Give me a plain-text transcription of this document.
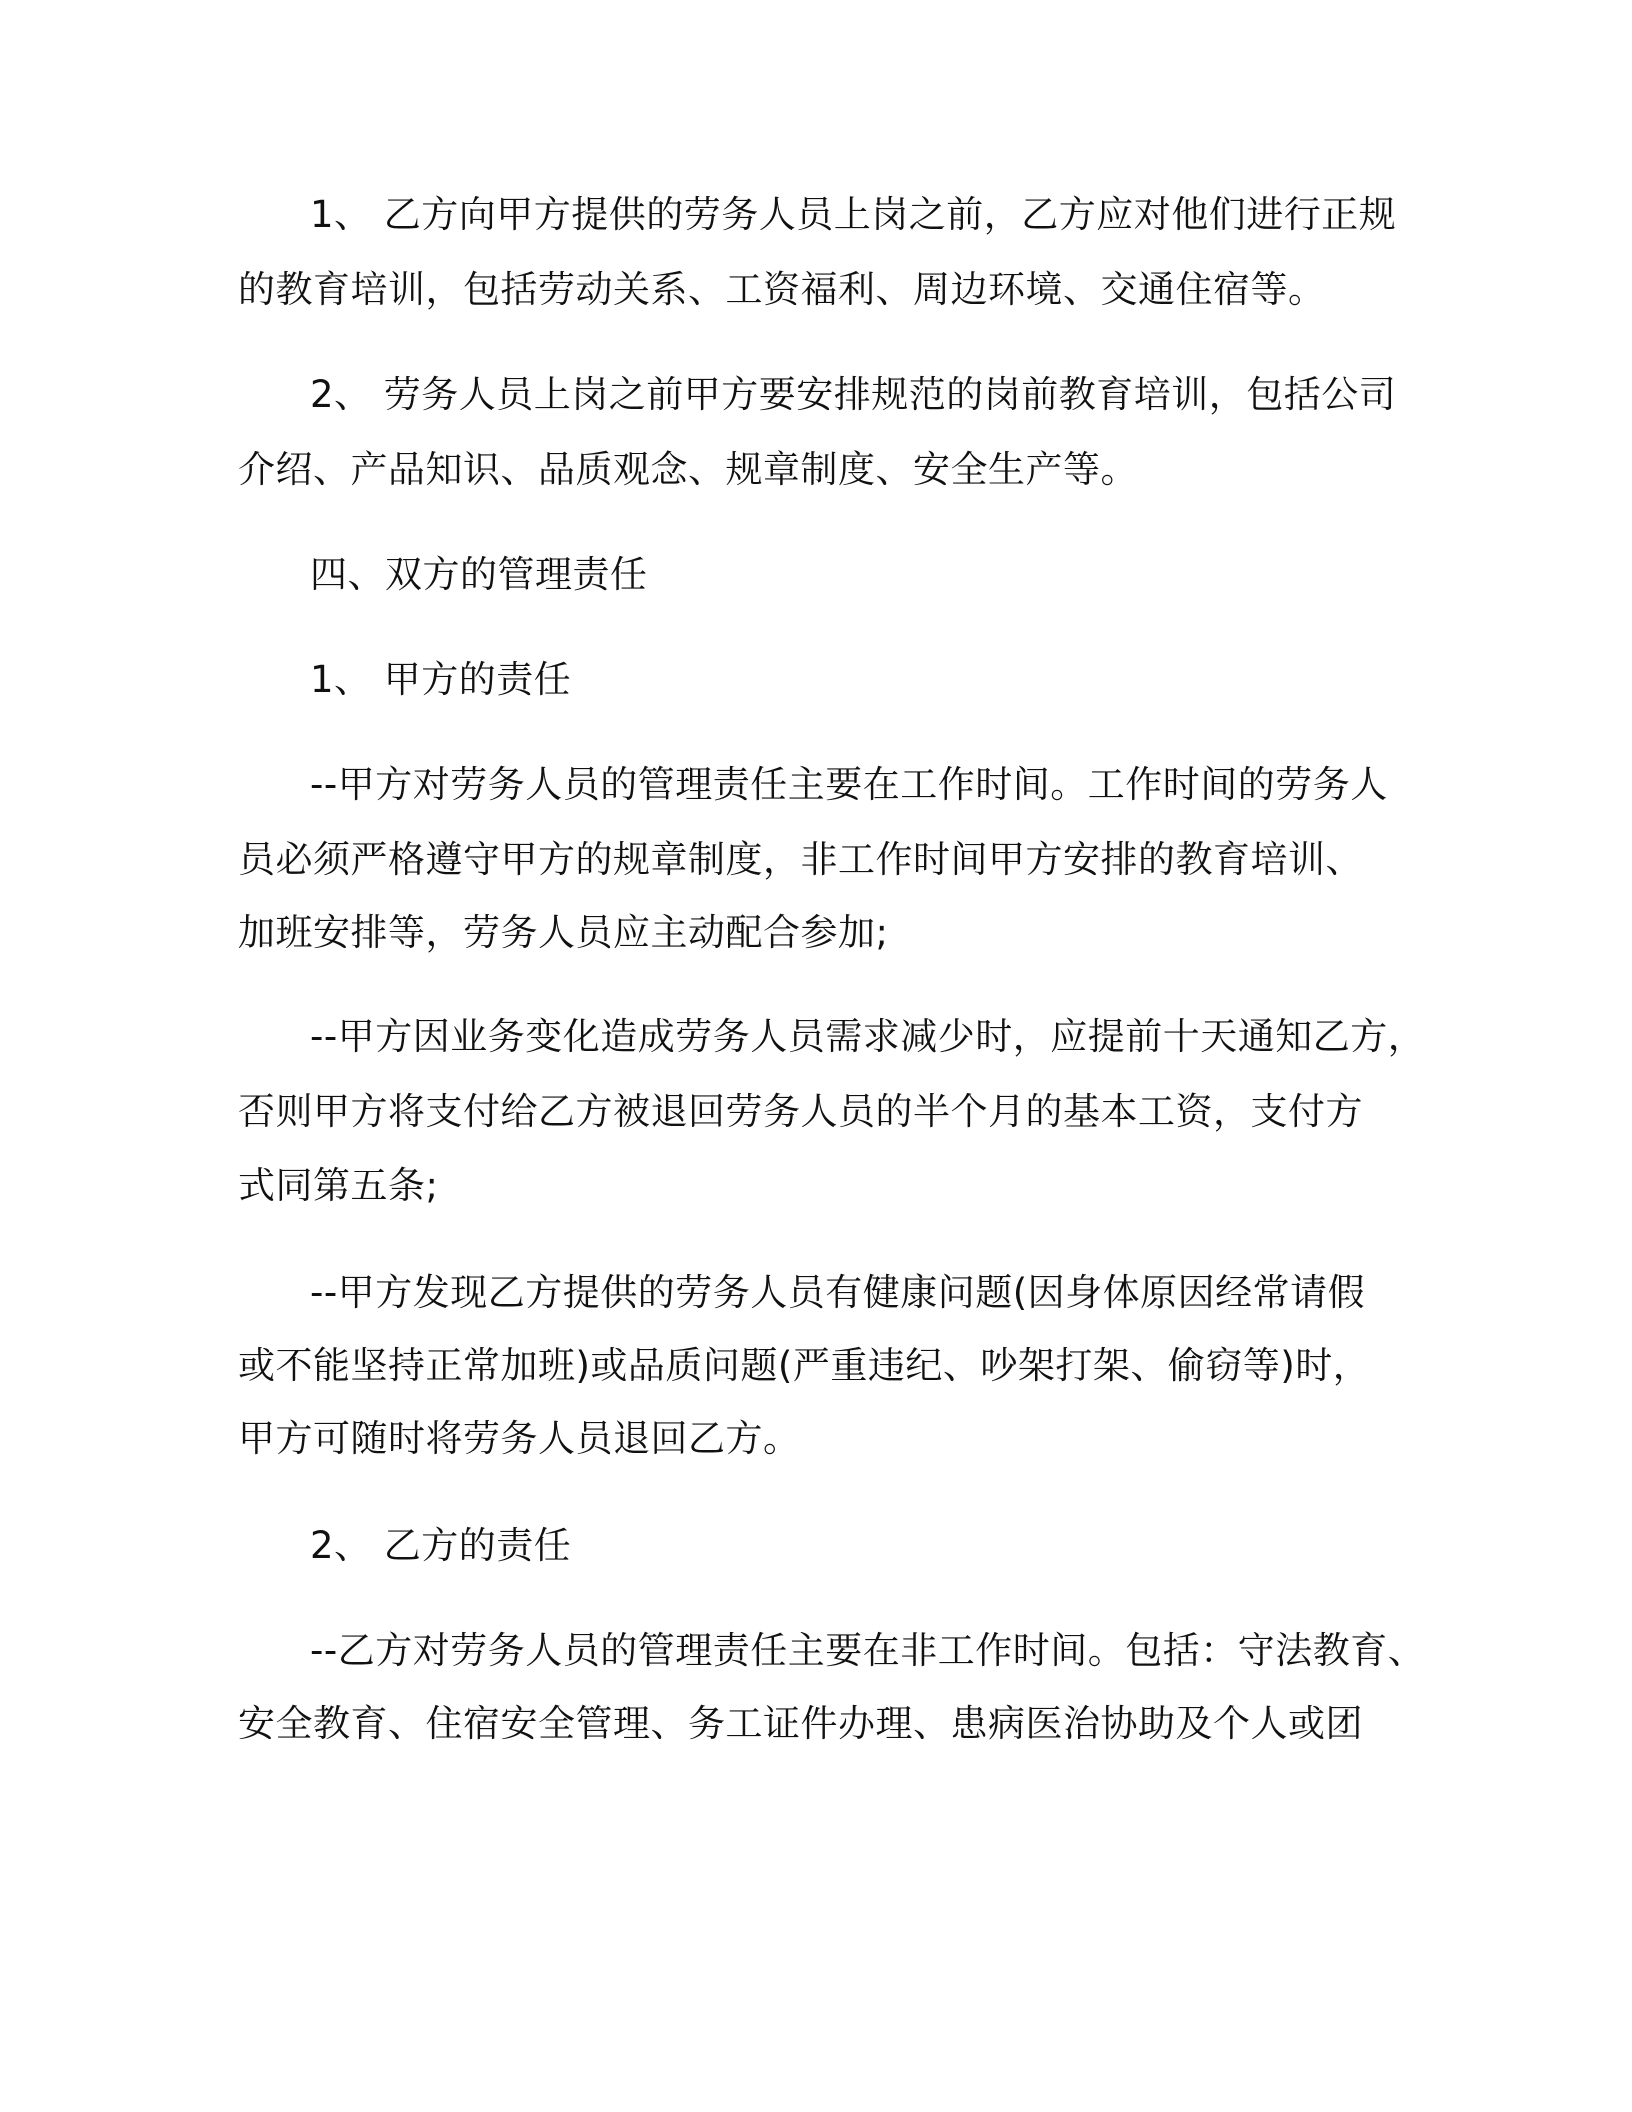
1、 乙方向甲方提供的劳务人员上岗之前，乙方应对他们进行正规
的教育培训，包括劳动关系、工资福利、周边环境、交通住宿等。
2、 劳务人员上岗之前甲方要安排规范的岗前教育培训，包括公司
介绍、产品知识、品质观念、规章制度、安全生产等。
四、双方的管理责任
1、 甲方的责任
--甲方对劳务人员的管理责任主要在工作时间。工作时间的劳务人
员必须严格遵守甲方的规章制度，非工作时间甲方安排的教育培训、
加班安排等，劳务人员应主动配合参加;
--甲方因业务变化造成劳务人员需求减少时，应提前十天通知乙方，
否则甲方将支付给乙方被退回劳务人员的半个月的基本工资，支付方
式同第五条;
--甲方发现乙方提供的劳务人员有健康问题(因身体原因经常请假
或不能坚持正常加班)或品质问题(严重违纪、吵架打架、偷窃等)时，
甲方可随时将劳务人员退回乙方。
2、 乙方的责任
--乙方对劳务人员的管理责任主要在非工作时间。包括：守法教育、
安全教育、住宿安全管理、务工证件办理、患病医治协助及个人或团
